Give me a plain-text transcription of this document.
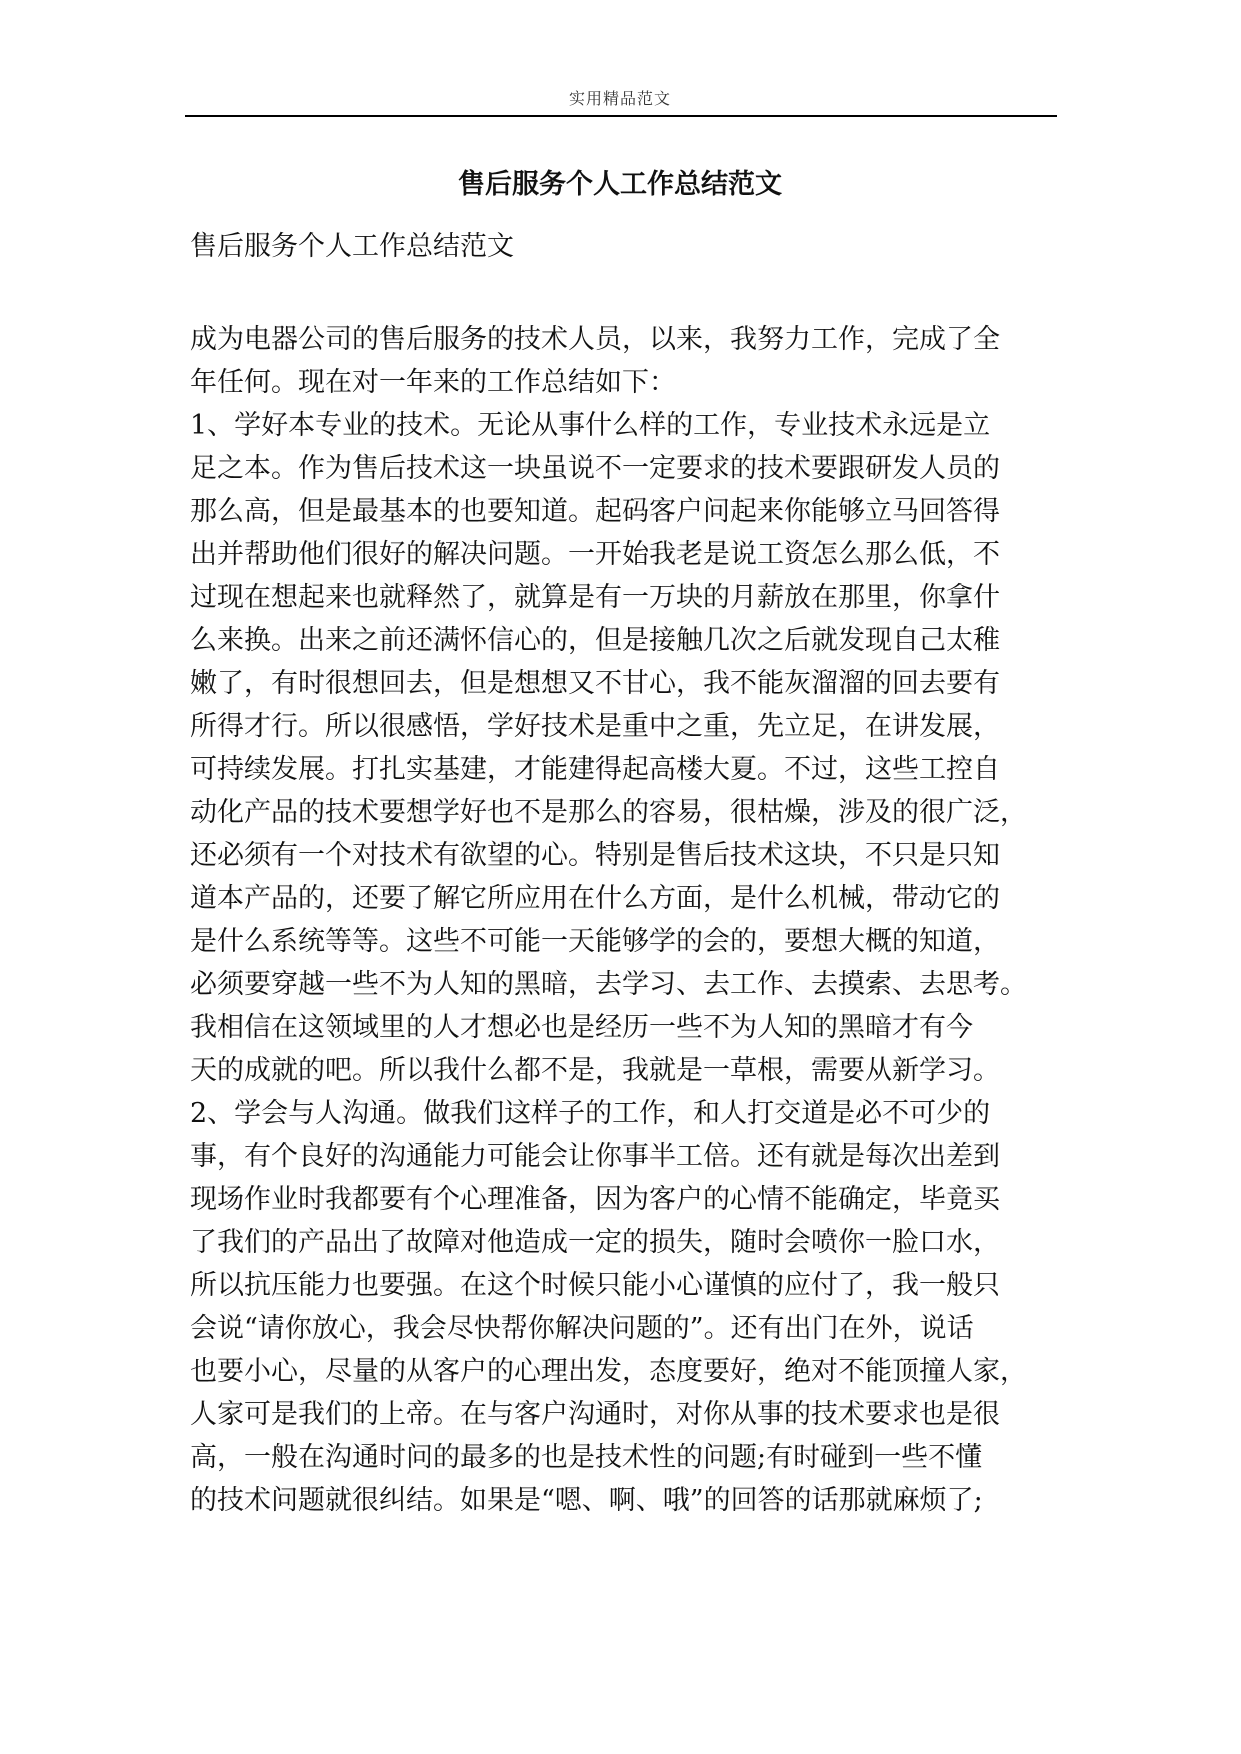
实用精品范文
售后服务个人工作总结范文
售后服务个人工作总结范文
成为电器公司的售后服务的技术人员，以来，我努力工作，完成了全
年任何。现在对一年来的工作总结如下：
1、学好本专业的技术。无论从事什么样的工作，专业技术永远是立
足之本。作为售后技术这一块虽说不一定要求的技术要跟研发人员的
那么高，但是最基本的也要知道。起码客户问起来你能够立马回答得
出并帮助他们很好的解决问题。一开始我老是说工资怎么那么低，不
过现在想起来也就释然了，就算是有一万块的月薪放在那里，你拿什
么来换。出来之前还满怀信心的，但是接触几次之后就发现自己太稚
嫩了，有时很想回去，但是想想又不甘心，我不能灰溜溜的回去要有
所得才行。所以很感悟，学好技术是重中之重，先立足，在讲发展，
可持续发展。打扎实基建，才能建得起高楼大夏。不过，这些工控自
动化产品的技术要想学好也不是那么的容易，很枯燥，涉及的很广泛，
还必须有一个对技术有欲望的心。特别是售后技术这块，不只是只知
道本产品的，还要了解它所应用在什么方面，是什么机械，带动它的
是什么系统等等。这些不可能一天能够学的会的，要想大概的知道，
必须要穿越一些不为人知的黑暗，去学习、去工作、去摸索、去思考。
我相信在这领域里的人才想必也是经历一些不为人知的黑暗才有今
天的成就的吧。所以我什么都不是，我就是一草根，需要从新学习。
2、学会与人沟通。做我们这样子的工作，和人打交道是必不可少的
事，有个良好的沟通能力可能会让你事半工倍。还有就是每次出差到
现场作业时我都要有个心理准备，因为客户的心情不能确定，毕竟买
了我们的产品出了故障对他造成一定的损失，随时会喷你一脸口水，
所以抗压能力也要强。在这个时候只能小心谨慎的应付了，我一般只
会说“请你放心，我会尽快帮你解决问题的”。还有出门在外，说话
也要小心，尽量的从客户的心理出发，态度要好，绝对不能顶撞人家，
人家可是我们的上帝。在与客户沟通时，对你从事的技术要求也是很
高，一般在沟通时问的最多的也是技术性的问题;有时碰到一些不懂
的技术问题就很纠结。如果是“嗯、啊、哦”的回答的话那就麻烦了;
